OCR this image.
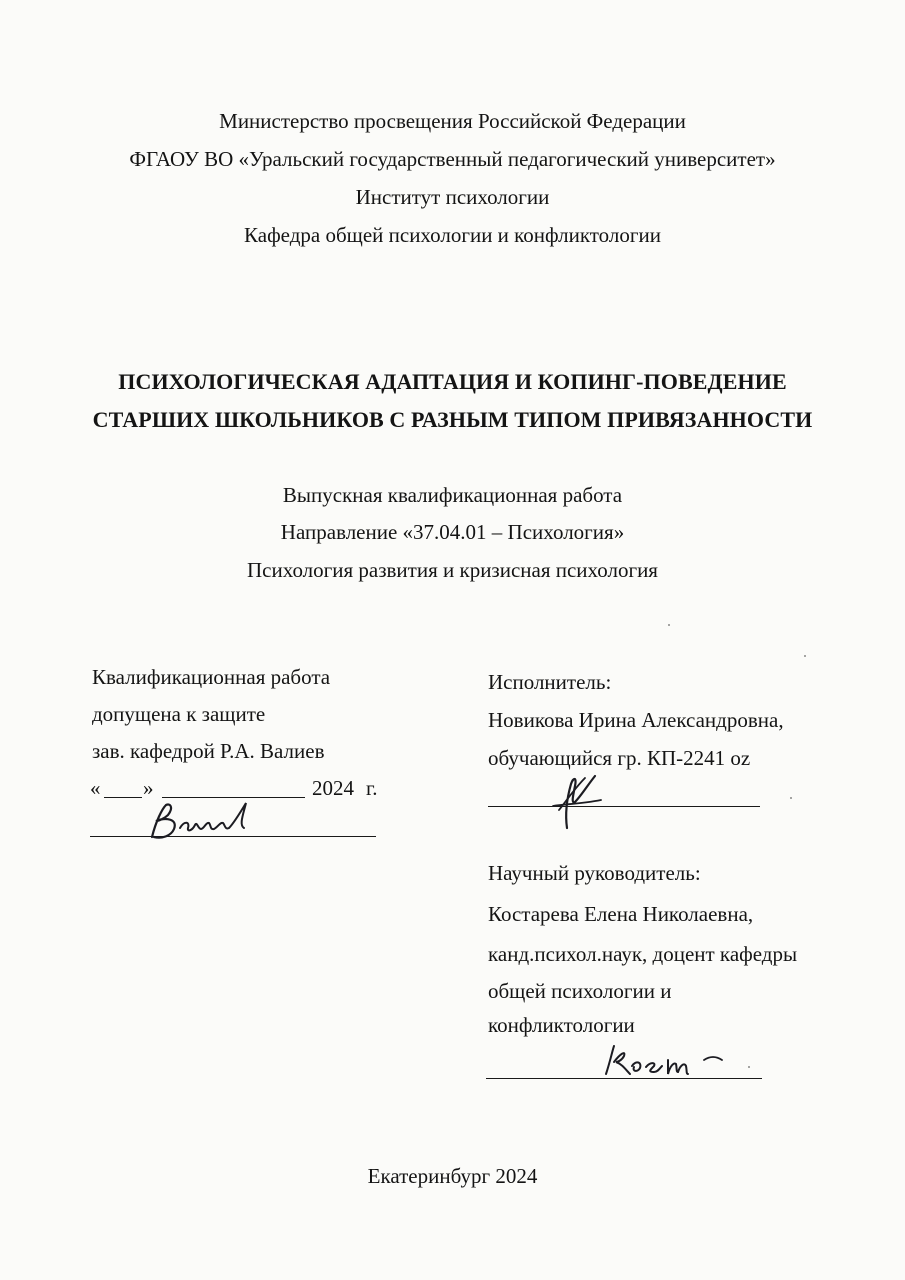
Министерство просвещения Российской Федерации
ФГАОУ ВО «Уральский государственный педагогический университет»
Институт психологии
Кафедра общей психологии и конфликтологии
ПСИХОЛОГИЧЕСКАЯ АДАПТАЦИЯ И КОПИНГ-ПОВЕДЕНИЕ
СТАРШИХ ШКОЛЬНИКОВ С РАЗНЫМ ТИПОМ ПРИВЯЗАННОСТИ
Выпускная квалификационная работа
Направление «37.04.01 – Психология»
Психология развития и кризисная психология
Квалификационная работа
допущена к защите
зав. кафедрой Р.А. Валиев
« »	2024 г.
Исполнитель:
Новикова Ирина Александровна,
обучающийся гр. КП-2241 oz
Научный руководитель:
Костарева Елена Николаевна,
канд.психол.наук, доцент кафедры
общей психологии и
конфликтологии
Екатеринбург 2024
